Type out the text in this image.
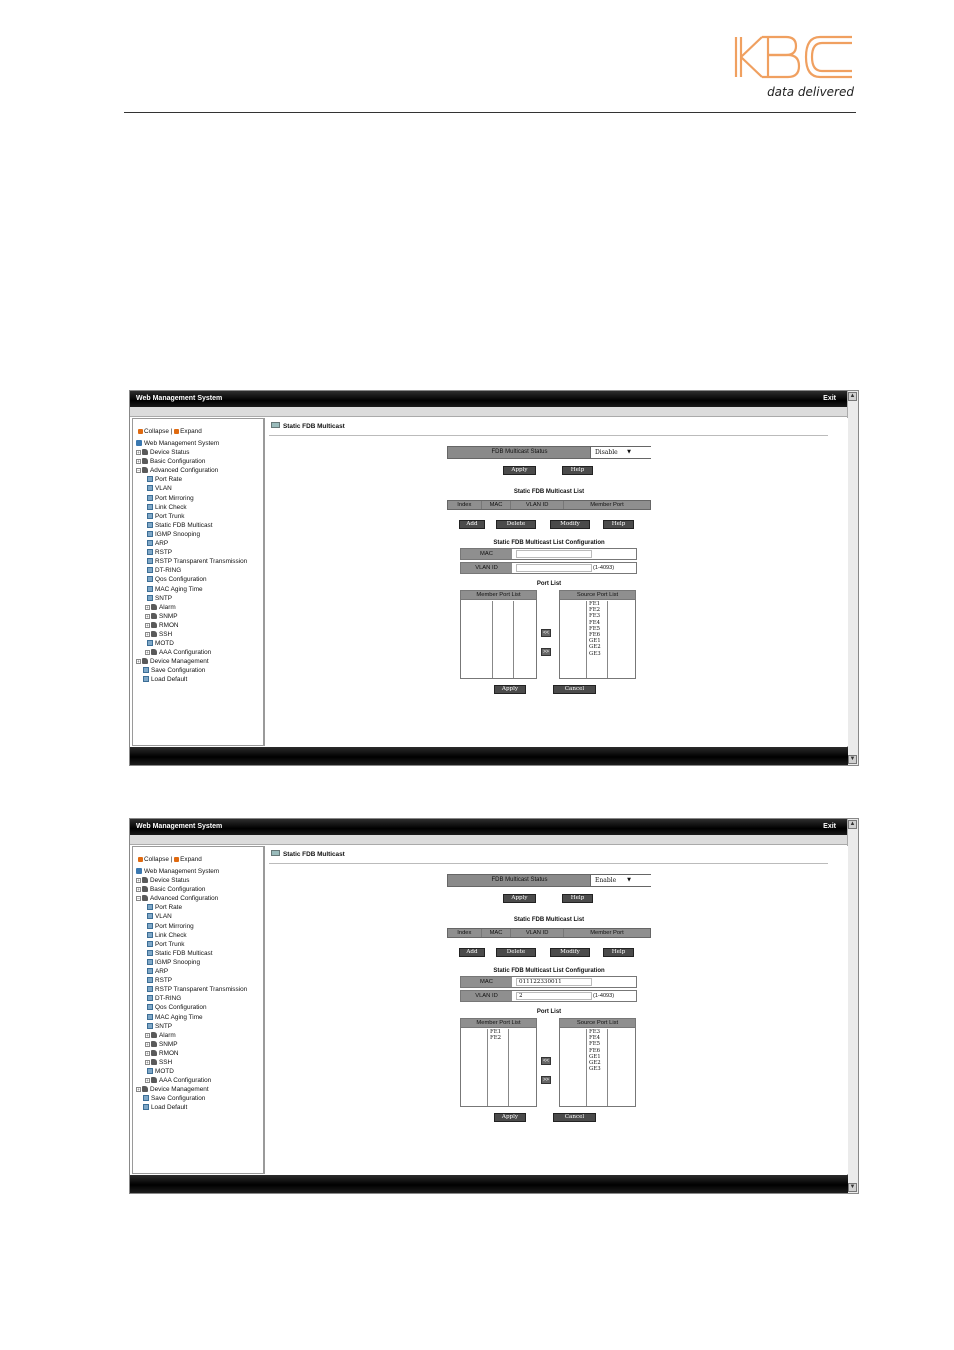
data delivered
Web Management System	Exit ▲
▼
Collapse | Expand
Web Management System
+ Device Status
+ Basic Configuration
− Advanced Configuration
Port Rate
VLAN
Port Mirroring
Link Check
Port Trunk
Static FDB Multicast
IGMP Snooping
ARP
RSTP
RSTP Transparent Transmission
DT-RING
Qos Configuration
MAC Aging Time
SNTP
+ Alarm
+ SNMP
+ RMON
+ SSH
MOTD
+ AAA Configuration
+ Device Management
Save Configuration
Load Default
Static FDB Multicast
FDB Multicast Status	Disable ▼
Apply	Help
Static FDB Multicast List
Index	MAC	VLAN ID	Member Port
Add	Delete	Modify	Help
Static FDB Multicast List Configuration
MAC
VLAN ID	(1-4093)
Port List
Member Port List
<<
>>
Source Port List
FE1
FE2
FE3
FE4
FE5
FE6
GE1
GE2
GE3
Apply	Cancel
Web Management System	Exit ▲
▼
Collapse | Expand
Web Management System
+ Device Status
+ Basic Configuration
− Advanced Configuration
Port Rate
VLAN
Port Mirroring
Link Check
Port Trunk
Static FDB Multicast
IGMP Snooping
ARP
RSTP
RSTP Transparent Transmission
DT-RING
Qos Configuration
MAC Aging Time
SNTP
+ Alarm
+ SNMP
+ RMON
+ SSH
MOTD
+ AAA Configuration
+ Device Management
Save Configuration
Load Default
Static FDB Multicast
FDB Multicast Status	Enable ▼
Apply	Help
Static FDB Multicast List
Index	MAC	VLAN ID	Member Port
Add	Delete	Modify	Help
Static FDB Multicast List Configuration
MAC	011122330011
VLAN ID	2	(1-4093)
Port List
Member Port List
FE1
FE2
<<
>>
Source Port List
FE3
FE4
FE5
FE6
GE1
GE2
GE3
Apply	Cancel
